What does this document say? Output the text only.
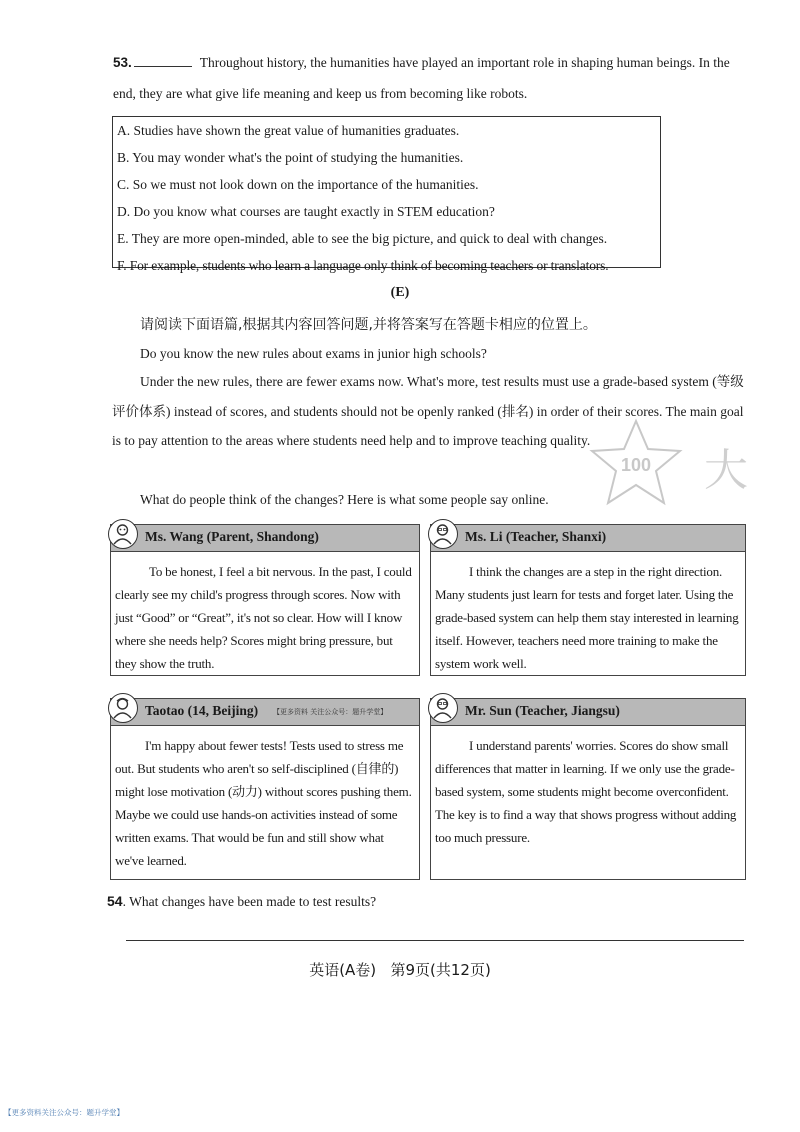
53.	Throughout history, the humanities have played an important role in shaping human beings. In the end, they are what give life meaning and keep us from becoming like robots.
A. Studies have shown the great value of humanities graduates.
B. You may wonder what's the point of studying the humanities.
C. So we must not look down on the importance of the humanities.
D. Do you know what courses are taught exactly in STEM education?
E. They are more open-minded, able to see the big picture, and quick to deal with changes.
F. For example, students who learn a language only think of becoming teachers or translators.
(E)
请阅读下面语篇,根据其内容回答问题,并将答案写在答题卡相应的位置上。
Do you know the new rules about exams in junior high schools?
Under the new rules, there are fewer exams now. What's more, test results must use a grade-based system (等级评价体系) instead of scores, and students should not be openly ranked (排名) in order of their scores. The main goal is to pay attention to the areas where students need help and to improve teaching quality.
What do people think of the changes? Here is what some people say online.
100 大
Ms. Wang (Parent, Shandong)
To be honest, I feel a bit nervous. In the past, I could clearly see my child's progress through scores. Now with just “Good” or “Great”, it's not so clear. How will I know where she needs help? Scores might bring pressure, but they show the truth.
Ms. Li (Teacher, Shanxi)
I think the changes are a step in the right direction. Many students just learn for tests and forget later. Using the grade-based system can help them stay interested in learning itself. However, teachers need more training to make the system work well.
Taotao (14, Beijing) 【更多资料 关注公众号：题升学堂】
I'm happy about fewer tests! Tests used to stress me out. But students who aren't so self-disciplined (自律的) might lose motivation (动力) without scores pushing them. Maybe we could use hands-on activities instead of some written exams. That would be fun and still show what we've learned.
Mr. Sun (Teacher, Jiangsu)
I understand parents' worries. Scores do show small differences that matter in learning. If we only use the grade-based system, some students might become overconfident. The key is to find a way that shows progress without adding too much pressure.
54. What changes have been made to test results?
英语(A卷)   第9页(共12页)
【更多资料关注公众号：题升学堂】
